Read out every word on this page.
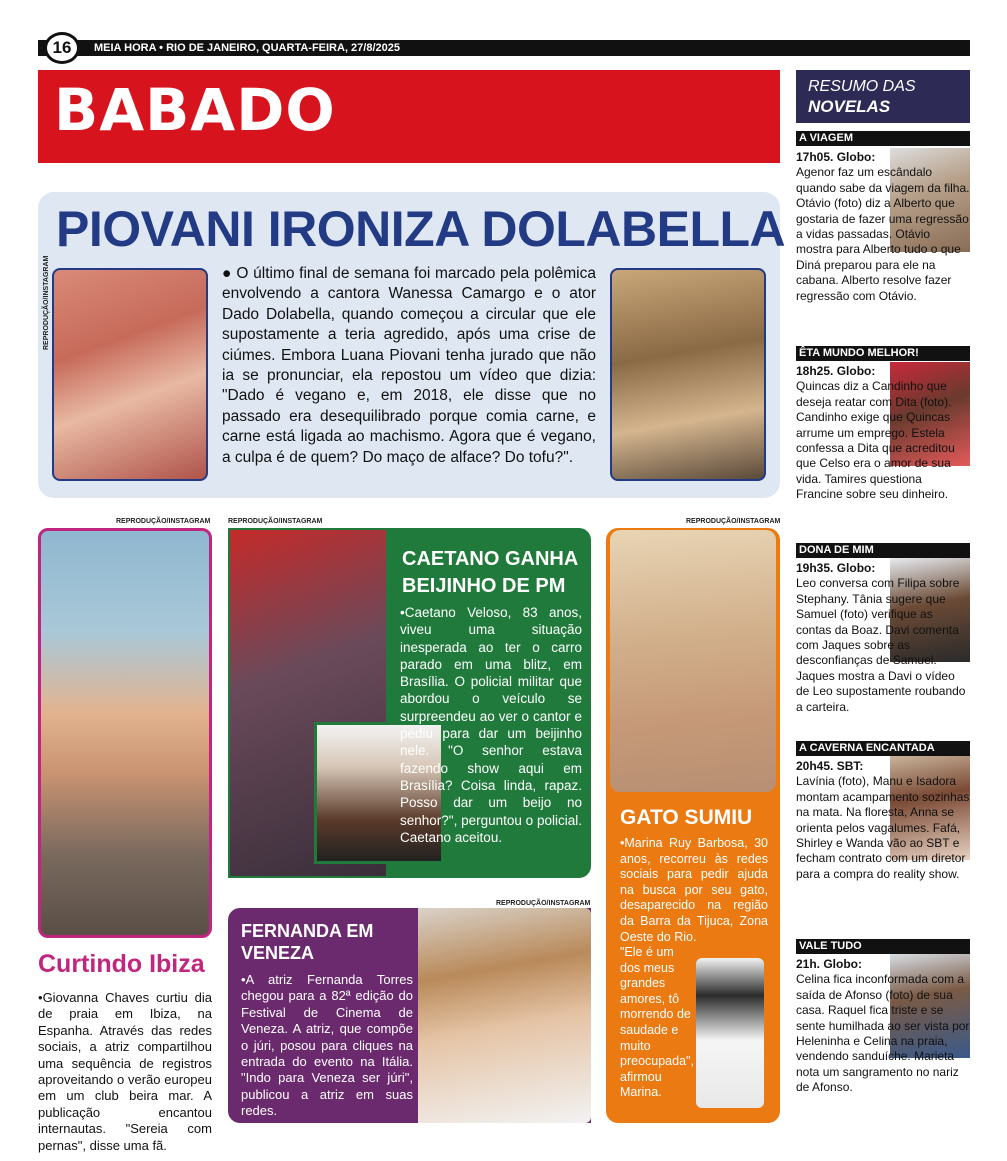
16	MEIA HORA • RIO DE JANEIRO, QUARTA-FEIRA, 27/8/2025
BABADO	RESUMO DAS
NOVELAS
PIOVANI IRONIZA DOLABELLA
REPRODUÇÃO/INSTAGRAM	● O último final de semana foi marcado pela polêmica envolvendo a cantora Wanessa Camargo e o ator Dado Dolabella, quando começou a circular que ele supostamente a teria agredido, após uma crise de ciúmes. Embora Luana Piovani tenha jurado que não ia se pronunciar, ela repostou um vídeo que dizia: "Dado é vegano e, em 2018, ele disse que no passado era desequilibrado porque comia carne, e carne está ligada ao machismo. Agora que é vegano, a culpa é de quem? Do maço de alface? Do tofu?".
REPRODUÇÃO/INSTAGRAM
Curtindo Ibiza
•Giovanna Chaves curtiu dia de praia em Ibiza, na Espanha. Através das redes sociais, a atriz compartilhou uma sequência de registros aproveitando o verão europeu em um club beira mar. A publicação encantou internautas. "Sereia com pernas", disse uma fã.
REPRODUÇÃO/INSTAGRAM
CAETANO GANHA BEIJINHO DE PM
•Caetano Veloso, 83 anos, viveu uma situação inesperada ao ter o carro parado em uma blitz, em Brasília. O policial militar que abordou o veículo se surpreendeu ao ver o cantor e pediu para dar um beijinho nele. "O senhor estava fazendo show aqui em Brasília? Coisa linda, rapaz. Posso dar um beijo no senhor?", perguntou o policial. Caetano aceitou.
REPRODUÇÃO/INSTAGRAM
FERNANDA EM VENEZA
•A atriz Fernanda Torres chegou para a 82ª edição do Festival de Cinema de Veneza. A atriz, que compõe o júri, posou para cliques na entrada do evento na Itália. "Indo para Veneza ser júri", publicou a atriz em suas redes.
REPRODUÇÃO/INSTAGRAM
GATO SUMIU
•Marina Ruy Barbosa, 30 anos, recorreu às redes sociais para pedir ajuda na busca por seu gato, desaparecido na região da Barra da Tijuca, Zona Oeste do Rio.
"Ele é um dos meus grandes amores, tô morrendo de saudade e muito preocupada", afirmou Marina.
A VIAGEM
17h05. Globo:
Agenor faz um escândalo quando sabe da viagem da filha. Otávio (foto) diz a Alberto que gostaria de fazer uma regressão a vidas passadas. Otávio mostra para Alberto tudo o que Diná preparou para ele na cabana. Alberto resolve fazer regressão com Otávio.
ÊTA MUNDO MELHOR!
18h25. Globo:
Quincas diz a Candinho que deseja reatar com Dita (foto). Candinho exige que Quincas arrume um emprego. Estela confessa a Dita que acreditou que Celso era o amor de sua vida. Tamires questiona Francine sobre seu dinheiro.
DONA DE MIM
19h35. Globo:
Leo conversa com Filipa sobre Stephany. Tânia sugere que Samuel (foto) verifique as contas da Boaz. Davi comenta com Jaques sobre as desconfianças de Samuel. Jaques mostra a Davi o vídeo de Leo supostamente roubando a carteira.
A CAVERNA ENCANTADA
20h45. SBT:
Lavínia (foto), Manu e Isadora montam acampamento sozinhas na mata. Na floresta, Anna se orienta pelos vagalumes. Fafá, Shirley e Wanda vão ao SBT e fecham contrato com um diretor para a compra do reality show.
VALE TUDO
21h. Globo:
Celina fica inconformada com a saída de Afonso (foto) de sua casa. Raquel fica triste e se sente humilhada ao ser vista por Heleninha e Celina na praia, vendendo sanduíche. Marieta nota um sangramento no nariz de Afonso.
